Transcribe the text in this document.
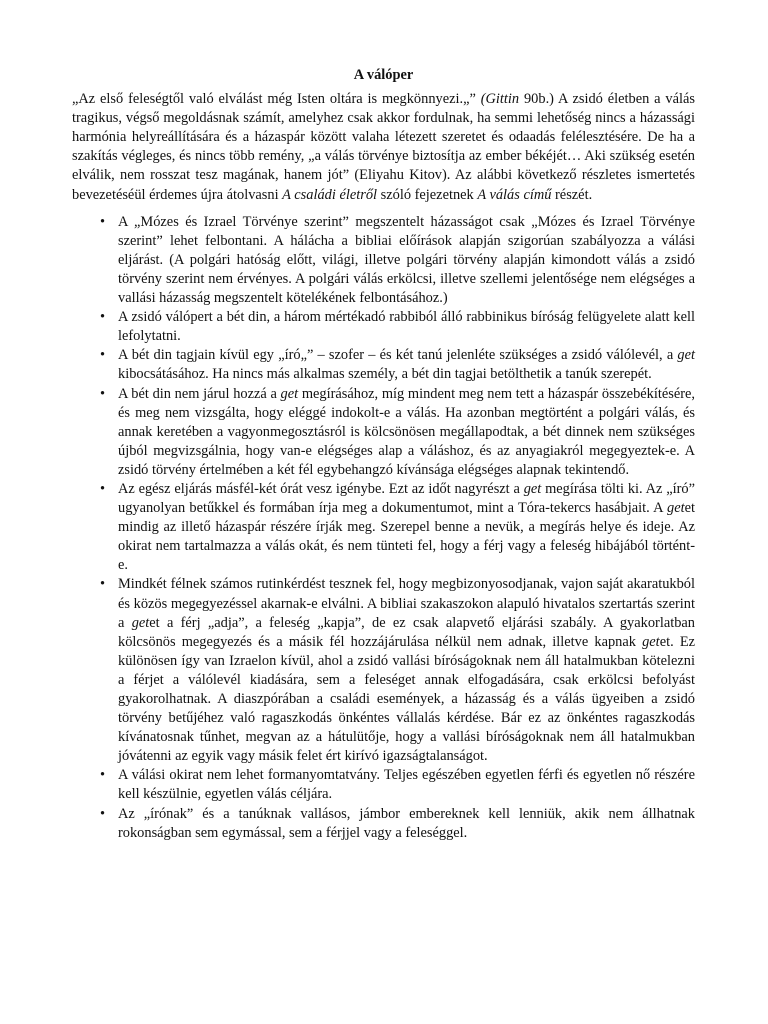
A válóper

„Az első feleségtől való elválást még Isten oltára is megkönnyezi.„” (Gittin 90b.) A zsidó életben a válás tragikus, végső megoldásnak számít, amelyhez csak akkor fordulnak, ha semmi lehetőség nincs a házassági harmónia helyreállítására és a házaspár között valaha létezett szeretet és odaadás felélesztésére. De ha a szakítás végleges, és nincs több remény, „a válás törvénye biztosítja az ember békéjét… Aki szükség esetén elválik, nem rosszat tesz magának, hanem jót” (Eliyahu Kitov). Az alábbi következő részletes ismertetés bevezetéséül érdemes újra átolvasni A családi életről szóló fejezetnek A válás című részét.

• A „Mózes és Izrael Törvénye szerint” megszentelt házasságot csak „Mózes és Izrael Törvénye szerint” lehet felbontani. A hálácha a bibliai előírások alapján szigorúan szabályozza a válási eljárást. (A polgári hatóság előtt, világi, illetve polgári törvény alapján kimondott válás a zsidó törvény szerint nem érvényes. A polgári válás erkölcsi, illetve szellemi jelentősége nem elégséges a vallási házasság megszentelt kötelékének felbontásához.)
• A zsidó válópert a bét din, a három mértékadó rabbiból álló rabbinikus bíróság felügyelete alatt kell lefolytatni.
• A bét din tagjain kívül egy „író„” – szofer – és két tanú jelenléte szükséges a zsidó válólevél, a get kibocsátásához. Ha nincs más alkalmas személy, a bét din tagjai betölthetik a tanúk szerepét.
• A bét din nem járul hozzá a get megírásához, míg mindent meg nem tett a házaspár összebékítésére, és meg nem vizsgálta, hogy eléggé indokolt-e a válás. Ha azonban megtörtént a polgári válás, és annak keretében a vagyonmegosztásról is kölcsönösen megállapodtak, a bét dinnek nem szükséges újból megvizsgálnia, hogy van-e elégséges alap a váláshoz, és az anyagiakról megegyeztek-e. A zsidó törvény értelmében a két fél egybehangzó kívánsága elégséges alapnak tekintendő.
• Az egész eljárás másfél-két órát vesz igénybe. Ezt az időt nagyrészt a get megírása tölti ki. Az „író” ugyanolyan betűkkel és formában írja meg a dokumentumot, mint a Tóra-tekercs hasábjait. A getet mindig az illető házaspár részére írják meg. Szerepel benne a nevük, a megírás helye és ideje. Az okirat nem tartalmazza a válás okát, és nem tünteti fel, hogy a férj vagy a feleség hibájából történt-e.
• Mindkét félnek számos rutinkérdést tesznek fel, hogy megbizonyosodjanak, vajon saját akaratukból és közös megegyezéssel akarnak-e elválni. A bibliai szakaszokon alapuló hivatalos szertartás szerint a getet a férj „adja”, a feleség „kapja”, de ez csak alapvető eljárási szabály. A gyakorlatban kölcsönös megegyezés és a másik fél hozzájárulása nélkül nem adnak, illetve kapnak getet. Ez különösen így van Izraelon kívül, ahol a zsidó vallási bíróságoknak nem áll hatalmukban kötelezni a férjet a válólevél kiadására, sem a feleséget annak elfogadására, csak erkölcsi befolyást gyakorolhatnak. A diaszpórában a családi események, a házasság és a válás ügyeiben a zsidó törvény betűjéhez való ragaszkodás önkéntes vállalás kérdése. Bár ez az önkéntes ragaszkodás kívánatosnak tűnhet, megvan az a hátulütője, hogy a vallási bíróságoknak nem áll hatalmukban jóvátenni az egyik vagy másik felet ért kirívó igazságtalanságot.
• A válási okirat nem lehet formanyomtatvány. Teljes egészében egyetlen férfi és egyetlen nő részére kell készülnie, egyetlen válás céljára.
• Az „írónak” és a tanúknak vallásos, jámbor embereknek kell lenniük, akik nem állhatnak rokonságban sem egymással, sem a férjjel vagy a feleséggel.
